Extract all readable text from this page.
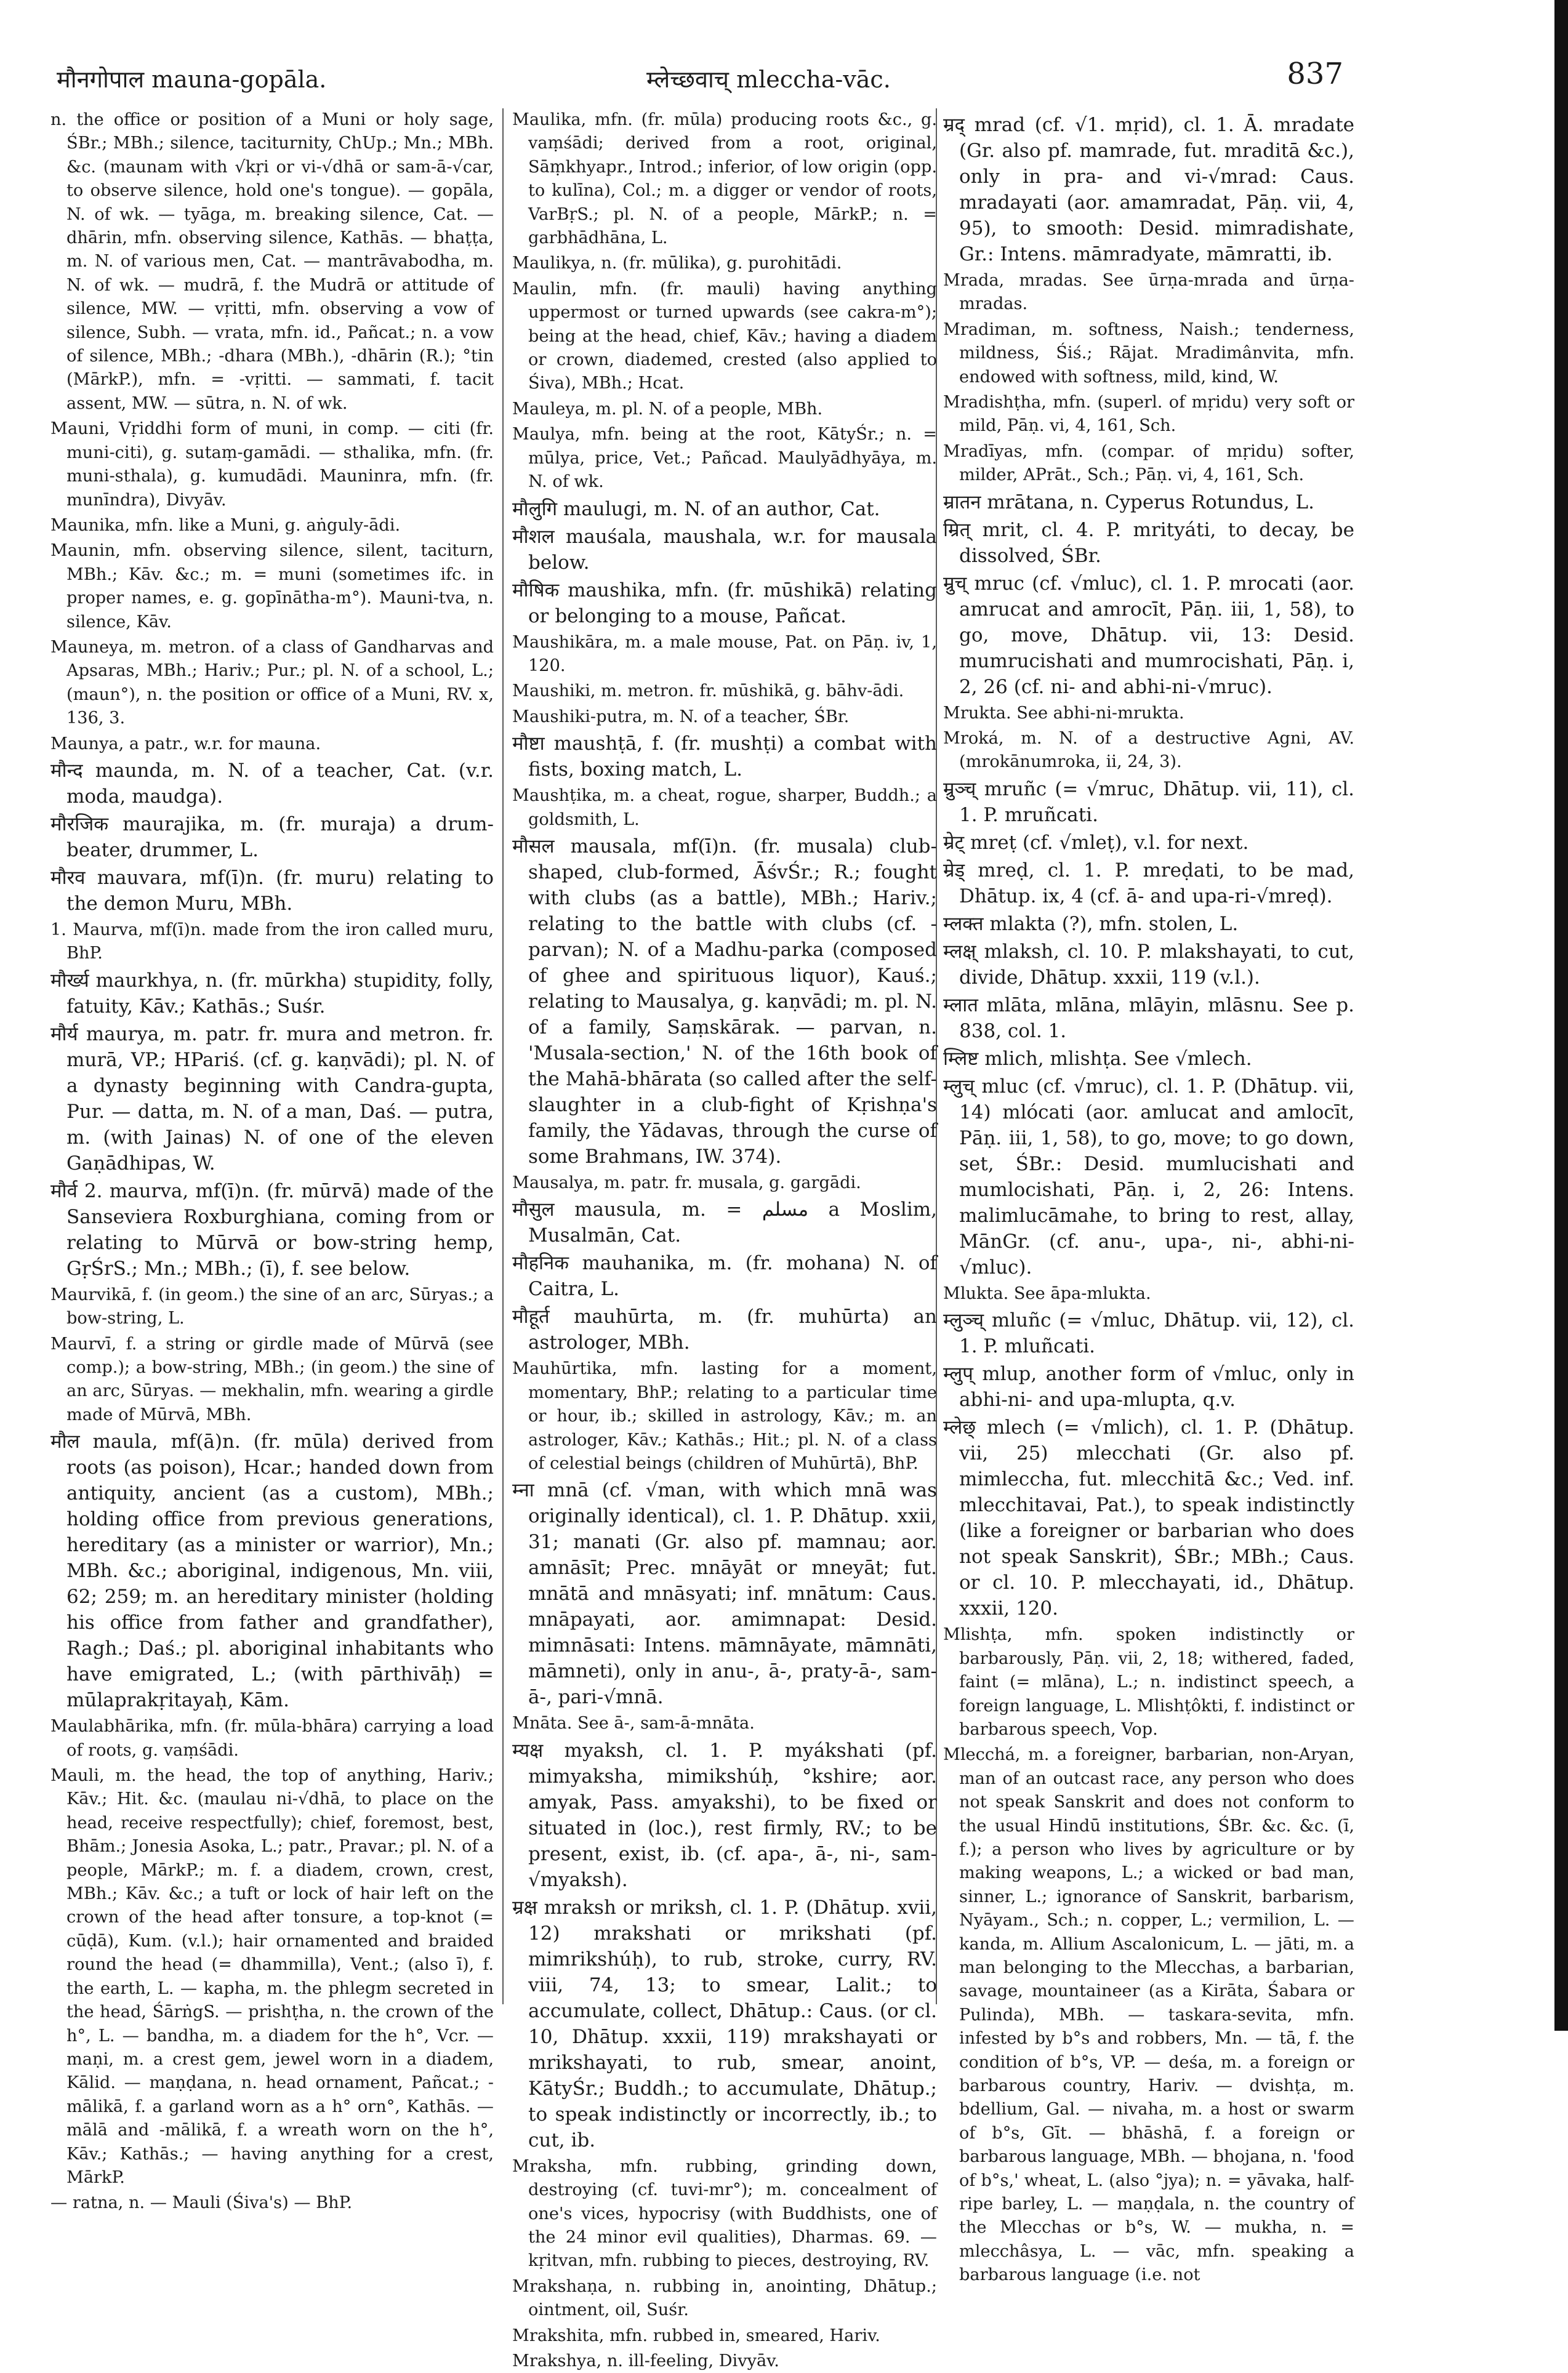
मौनगोपाल mauna-gopāla.	म्लेच्छवाच् mleccha-vāc.	837

n. the office or position of a Muni or holy sage, ŚBr.; MBh.; silence, taciturnity, ChUp.; Mn.; MBh. &c. (maunam with √kṛi or vi-√dhā or sam-ā-√car, to observe silence, hold one's tongue). — gopāla, N. of wk. — tyāga, m. breaking silence, Cat. — dhārin, mfn. observing silence, Kathās. — bhaṭṭa, m. N. of various men, Cat. — mantrāvabodha, m. N. of wk. — mudrā, f. the Mudrā or attitude of silence, MW. — vṛitti, mfn. observing a vow of silence, Subh. — vrata, mfn. id., Pañcat.; n. a vow of silence, MBh.; -dhara (MBh.), -dhārin (R.); °tin (MārkP.), mfn. = -vṛitti. — sammati, f. tacit assent, MW. — sūtra, n. N. of wk.

Mauni, Vṛiddhi form of muni, in comp. — citi (fr. muni-citi), g. sutaṃ-gamādi. — sthalika, mfn. (fr. muni-sthala), g. kumudādi. Mauninra, mfn. (fr. munīndra), Divyāv.

Maunika, mfn. like a Muni, g. aṅguly-ādi.

Maunin, mfn. observing silence, silent, taciturn, MBh.; Kāv. &c.; m. = muni (sometimes ifc. in proper names, e. g. gopīnātha-m°). Mauni-tva, n. silence, Kāv.

Mauneya, m. metron. of a class of Gandharvas and Apsaras, MBh.; Hariv.; Pur.; pl. N. of a school, L.; (maun°), n. the position or office of a Muni, RV. x, 136, 3.

Maunya, a patr., w.r. for mauna.

मौन्द maunda, m. N. of a teacher, Cat. (v.r. moda, maudga).

मौरजिक maurajika, m. (fr. muraja) a drum-beater, drummer, L.

मौरव mauvara, mf(ī)n. (fr. muru) relating to the demon Muru, MBh.

1. Maurva, mf(ī)n. made from the iron called muru, BhP.

मौर्ख्य maurkhya, n. (fr. mūrkha) stupidity, folly, fatuity, Kāv.; Kathās.; Suśr.

मौर्य maurya, m. patr. fr. mura and metron. fr. murā, VP.; HPariś. (cf. g. kaṇvādi); pl. N. of a dynasty beginning with Candra-gupta, Pur. — datta, m. N. of a man, Daś. — putra, m. (with Jainas) N. of one of the eleven Gaṇādhipas, W.

मौर्व 2. maurva, mf(ī)n. (fr. mūrvā) made of the Sanseviera Roxburghiana, coming from or relating to Mūrvā or bow-string hemp, GṛŚrS.; Mn.; MBh.; (ī), f. see below.

Maurvikā, f. (in geom.) the sine of an arc, Sūryas.; a bow-string, L.

Maurvī, f. a string or girdle made of Mūrvā (see comp.); a bow-string, MBh.; (in geom.) the sine of an arc, Sūryas. — mekhalin, mfn. wearing a girdle made of Mūrvā, MBh.

मौल maula, mf(ā)n. (fr. mūla) derived from roots (as poison), Hcar.; handed down from antiquity, ancient (as a custom), MBh.; holding office from previous generations, hereditary (as a minister or warrior), Mn.; MBh. &c.; aboriginal, indigenous, Mn. viii, 62; 259; m. an hereditary minister (holding his office from father and grandfather), Ragh.; Daś.; pl. aboriginal inhabitants who have emigrated, L.; (with pārthivāḥ) = mūlaprakṛitayaḥ, Kām.

Maulabhārika, mfn. (fr. mūla-bhāra) carrying a load of roots, g. vaṃśādi.

Mauli, m. the head, the top of anything, Hariv.; Kāv.; Hit. &c. (maulau ni-√dhā, to place on the head, receive respectfully); chief, foremost, best, Bhām.; Jonesia Asoka, L.; patr., Pravar.; pl. N. of a people, MārkP.; m. f. a diadem, crown, crest, MBh.; Kāv. &c.; a tuft or lock of hair left on the crown of the head after tonsure, a top-knot (= cūḍā), Kum. (v.l.); hair ornamented and braided round the head (= dhammilla), Vent.; (also ī), f. the earth, L. — kapha, m. the phlegm secreted in the head, ŚārṅgS. — prishṭha, n. the crown of the h°, L. — bandha, m. a diadem for the h°, Vcr. — maṇi, m. a crest gem, jewel worn in a diadem, Kālid. — maṇḍana, n. head ornament, Pañcat.; -mālikā, f. a garland worn as a h° orn°, Kathās. — mālā and -mālikā, f. a wreath worn on the h°, Kāv.; Kathās.; — having anything for a crest, MārkP.

— ratna, n. — Mauli (Śiva's) — BhP.

Maulika, mfn. (fr. mūla) producing roots &c., g. vaṃśādi; derived from a root, original, Sāṃkhyapr., Introd.; inferior, of low origin (opp. to kulīna), Col.; m. a digger or vendor of roots, VarBṛS.; pl. N. of a people, MārkP.; n. = garbhādhāna, L.

Maulikya, n. (fr. mūlika), g. purohitādi.

Maulin, mfn. (fr. mauli) having anything uppermost or turned upwards (see cakra-m°); being at the head, chief, Kāv.; having a diadem or crown, diademed, crested (also applied to Śiva), MBh.; Hcat.

Mauleya, m. pl. N. of a people, MBh.

Maulya, mfn. being at the root, KātyŚr.; n. = mūlya, price, Vet.; Pañcad. Maulyādhyāya, m. N. of wk.

मौलुगि maulugi, m. N. of an author, Cat.

मौशल mauśala, maushala, w.r. for mausala below.

मौषिक maushika, mfn. (fr. mūshikā) relating or belonging to a mouse, Pañcat.

Maushikāra, m. a male mouse, Pat. on Pāṇ. iv, 1, 120.

Maushiki, m. metron. fr. mūshikā, g. bāhv-ādi.

Maushiki-putra, m. N. of a teacher, ŚBr.

मौष्टा maushṭā, f. (fr. mushṭi) a combat with fists, boxing match, L.

Maushṭika, m. a cheat, rogue, sharper, Buddh.; a goldsmith, L.

मौसल mausala, mf(ī)n. (fr. musala) club-shaped, club-formed, ĀśvŚr.; R.; fought with clubs (as a battle), MBh.; Hariv.; relating to the battle with clubs (cf. -parvan); N. of a Madhu-parka (composed of ghee and spirituous liquor), Kauś.; relating to Mausalya, g. kaṇvādi; m. pl. N. of a family, Saṃskārak. — parvan, n. 'Musala-section,' N. of the 16th book of the Mahā-bhārata (so called after the self-slaughter in a club-fight of Kṛishṇa's family, the Yādavas, through the curse of some Brahmans, IW. 374).

Mausalya, m. patr. fr. musala, g. gargādi.

मौसुल mausula, m. = مسلم a Moslim, Musalmān, Cat.

मौहनिक mauhanika, m. (fr. mohana) N. of Caitra, L.

मौहूर्त mauhūrta, m. (fr. muhūrta) an astrologer, MBh.

Mauhūrtika, mfn. lasting for a moment, momentary, BhP.; relating to a particular time or hour, ib.; skilled in astrology, Kāv.; m. an astrologer, Kāv.; Kathās.; Hit.; pl. N. of a class of celestial beings (children of Muhūrtā), BhP.

म्ना mnā (cf. √man, with which mnā was originally identical), cl. 1. P. Dhātup. xxii, 31; manati (Gr. also pf. mamnau; aor. amnāsīt; Prec. mnāyāt or mneyāt; fut. mnātā and mnāsyati; inf. mnātum: Caus. mnāpayati, aor. amimnapat: Desid. mimnāsati: Intens. māmnāyate, māmnāti, māmneti), only in anu-, ā-, praty-ā-, sam-ā-, pari-√mnā.

Mnāta. See ā-, sam-ā-mnāta.

म्यक्ष myaksh, cl. 1. P. myákshati (pf. mimyaksha, mimikshúḥ, °kshire; aor. amyak, Pass. amyakshi), to be fixed or situated in (loc.), rest firmly, RV.; to be present, exist, ib. (cf. apa-, ā-, ni-, sam-√myaksh).

म्रक्ष mraksh or mriksh, cl. 1. P. (Dhātup. xvii, 12) mrakshati or mrikshati (pf. mimrikshúḥ), to rub, stroke, curry, RV. viii, 74, 13; to smear, Lalit.; to accumulate, collect, Dhātup.: Caus. (or cl. 10, Dhātup. xxxii, 119) mrakshayati or mrikshayati, to rub, smear, anoint, KātyŚr.; Buddh.; to accumulate, Dhātup.; to speak indistinctly or incorrectly, ib.; to cut, ib.

Mraksha, mfn. rubbing, grinding down, destroying (cf. tuvi-mr°); m. concealment of one's vices, hypocrisy (with Buddhists, one of the 24 minor evil qualities), Dharmas. 69. — kṛitvan, mfn. rubbing to pieces, destroying, RV.

Mrakshaṇa, n. rubbing in, anointing, Dhātup.; ointment, oil, Suśr.

Mrakshita, mfn. rubbed in, smeared, Hariv.

Mrakshya, n. ill-feeling, Divyāv.

म्रद् mrad (cf. √1. mṛid), cl. 1. Ā. mradate (Gr. also pf. mamrade, fut. mraditā &c.), only in pra- and vi-√mrad: Caus. mradayati (aor. amamradat, Pāṇ. vii, 4, 95), to smooth: Desid. mimradishate, Gr.: Intens. māmradyate, māmratti, ib.

Mrada, mradas. See ūrṇa-mrada and ūrṇa-mradas.

Mradiman, m. softness, Naish.; tenderness, mildness, Śiś.; Rājat. Mradimânvita, mfn. endowed with softness, mild, kind, W.

Mradishṭha, mfn. (superl. of mṛidu) very soft or mild, Pāṇ. vi, 4, 161, Sch.

Mradīyas, mfn. (compar. of mṛidu) softer, milder, APrāt., Sch.; Pāṇ. vi, 4, 161, Sch.

म्रातन mrātana, n. Cyperus Rotundus, L.

म्रित् mrit, cl. 4. P. mrityáti, to decay, be dissolved, ŚBr.

म्रुच् mruc (cf. √mluc), cl. 1. P. mrocati (aor. amrucat and amrocīt, Pāṇ. iii, 1, 58), to go, move, Dhātup. vii, 13: Desid. mumrucishati and mumrocishati, Pāṇ. i, 2, 26 (cf. ni- and abhi-ni-√mruc).

Mrukta. See abhi-ni-mrukta.

Mroká, m. N. of a destructive Agni, AV. (mrokānumroka, ii, 24, 3).

म्रुञ्च् mruñc (= √mruc, Dhātup. vii, 11), cl. 1. P. mruñcati.

म्रेट् mreṭ (cf. √mleṭ), v.l. for next.

म्रेड् mreḍ, cl. 1. P. mreḍati, to be mad, Dhātup. ix, 4 (cf. ā- and upa-ri-√mreḍ).

म्लक्त mlakta (?), mfn. stolen, L.

म्लक्ष् mlaksh, cl. 10. P. mlakshayati, to cut, divide, Dhātup. xxxii, 119 (v.l.).

म्लात mlāta, mlāna, mlāyin, mlāsnu. See p. 838, col. 1.

म्लिष्ट mlich, mlishṭa. See √mlech.

म्लुच् mluc (cf. √mruc), cl. 1. P. (Dhātup. vii, 14) mlócati (aor. amlucat and amlocīt, Pāṇ. iii, 1, 58), to go, move; to go down, set, ŚBr.: Desid. mumlucishati and mumlocishati, Pāṇ. i, 2, 26: Intens. malimlucāmahe, to bring to rest, allay, MānGr. (cf. anu-, upa-, ni-, abhi-ni-√mluc).

Mlukta. See āpa-mlukta.

म्लुञ्च् mluñc (= √mluc, Dhātup. vii, 12), cl. 1. P. mluñcati.

म्लुप् mlup, another form of √mluc, only in abhi-ni- and upa-mlupta, q.v.

म्लेछ् mlech (= √mlich), cl. 1. P. (Dhātup. vii, 25) mlecchati (Gr. also pf. mimleccha, fut. mlecchitā &c.; Ved. inf. mlecchitavai, Pat.), to speak indistinctly (like a foreigner or barbarian who does not speak Sanskrit), ŚBr.; MBh.; Caus. or cl. 10. P. mlecchayati, id., Dhātup. xxxii, 120.

Mlishṭa, mfn. spoken indistinctly or barbarously, Pāṇ. vii, 2, 18; withered, faded, faint (= mlāna), L.; n. indistinct speech, a foreign language, L. Mlishṭôkti, f. indistinct or barbarous speech, Vop.

Mlecchá, m. a foreigner, barbarian, non-Aryan, man of an outcast race, any person who does not speak Sanskrit and does not conform to the usual Hindū institutions, ŚBr. &c. &c. (ī, f.); a person who lives by agriculture or by making weapons, L.; a wicked or bad man, sinner, L.; ignorance of Sanskrit, barbarism, Nyāyam., Sch.; n. copper, L.; vermilion, L. — kanda, m. Allium Ascalonicum, L. — jāti, m. a man belonging to the Mlecchas, a barbarian, savage, mountaineer (as a Kirāta, Śabara or Pulinda), MBh. — taskara-sevita, mfn. infested by b°s and robbers, Mn. — tā, f. the condition of b°s, VP. — deśa, m. a foreign or barbarous country, Hariv. — dvishṭa, m. bdellium, Gal. — nivaha, m. a host or swarm of b°s, Gīt. — bhāshā, f. a foreign or barbarous language, MBh. — bhojana, n. 'food of b°s,' wheat, L. (also °jya); n. = yāvaka, half-ripe barley, L. — maṇḍala, n. the country of the Mlecchas or b°s, W. — mukha, n. = mlecchâsya, L. — vāc, mfn. speaking a barbarous language (i.e. not
